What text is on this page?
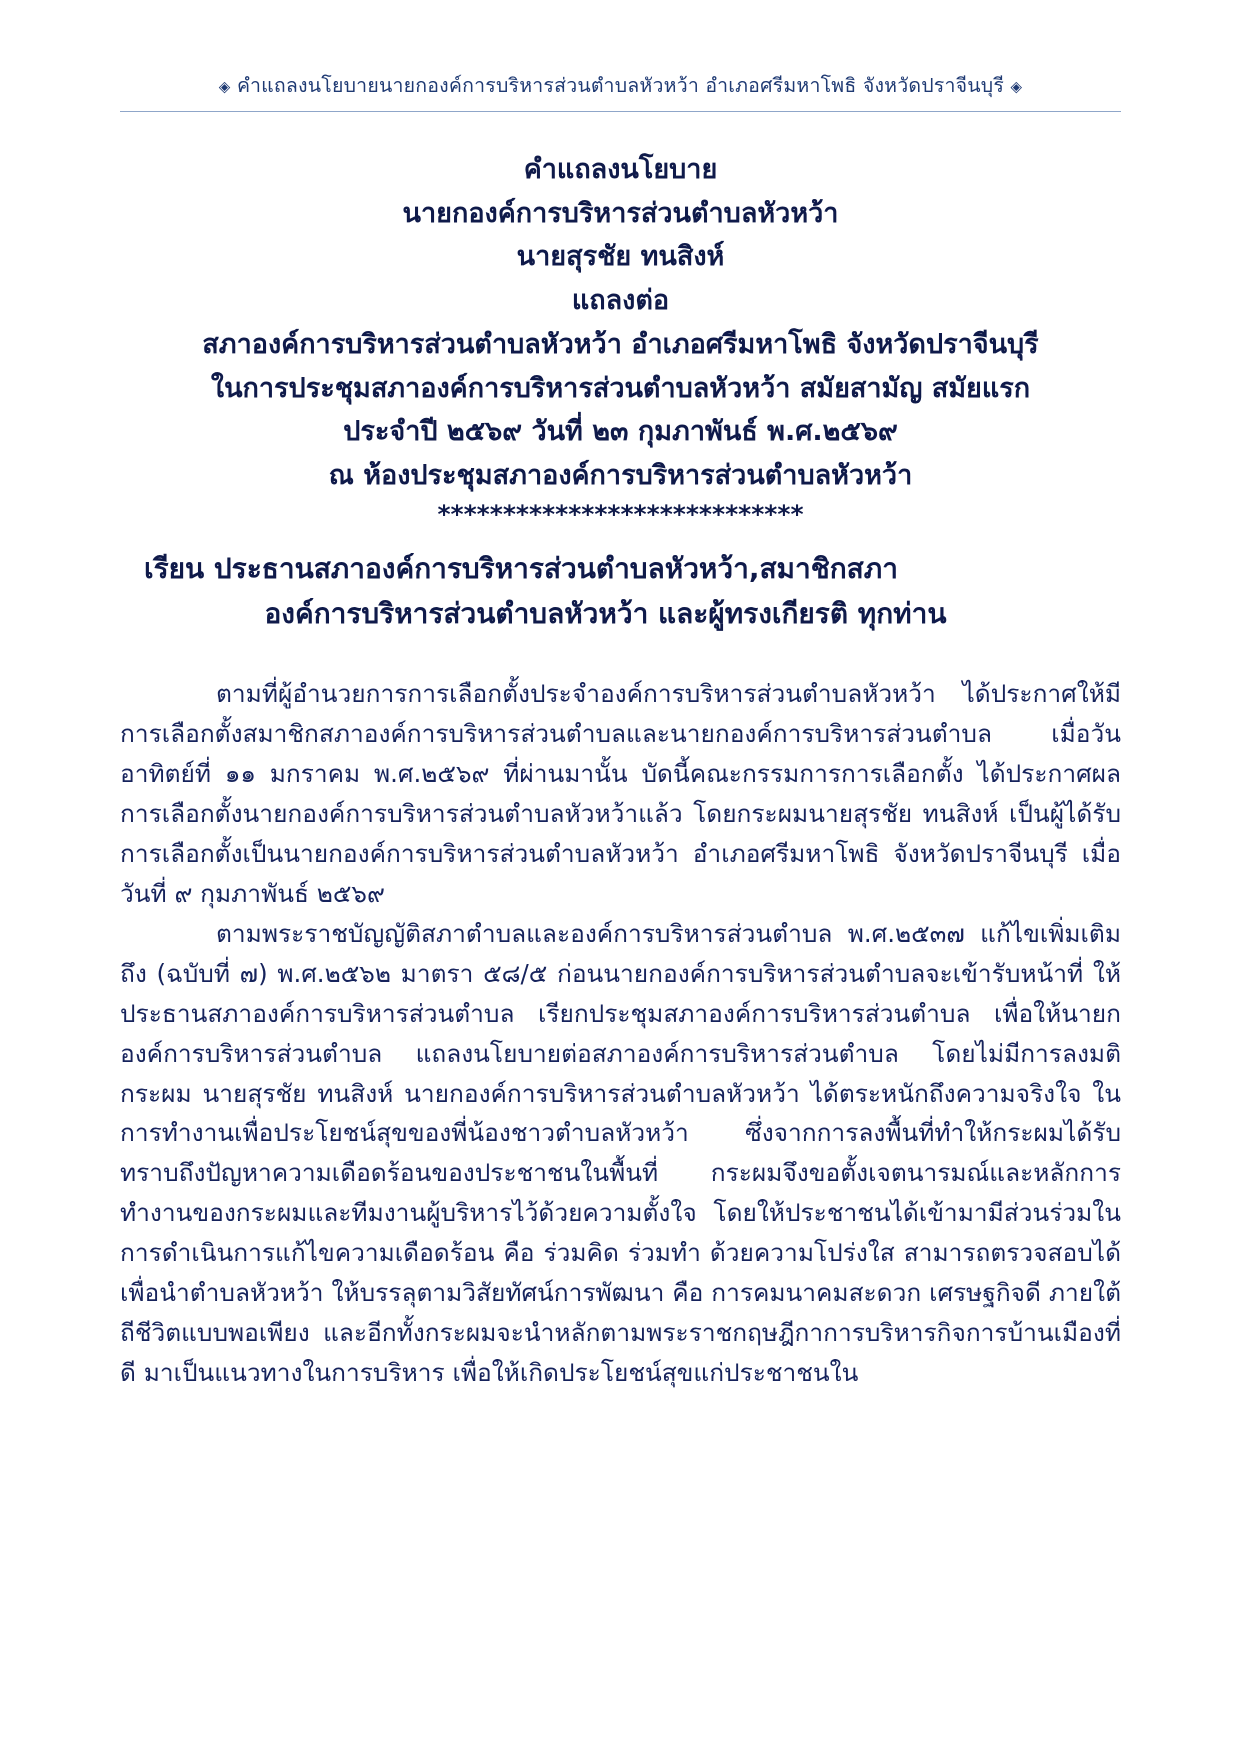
◈ คำแถลงนโยบายนายกองค์การบริหารส่วนตำบลหัวหว้า อำเภอศรีมหาโพธิ จังหวัดปราจีนบุรี ◈
คำแถลงนโยบาย
นายกองค์การบริหารส่วนตำบลหัวหว้า
นายสุรชัย ทนสิงห์
แถลงต่อ
สภาองค์การบริหารส่วนตำบลหัวหว้า อำเภอศรีมหาโพธิ จังหวัดปราจีนบุรี
ในการประชุมสภาองค์การบริหารส่วนตำบลหัวหว้า สมัยสามัญ สมัยแรก
ประจำปี ๒๕๖๙ วันที่ ๒๓ กุมภาพันธ์ พ.ศ.๒๕๖๙
ณ ห้องประชุมสภาองค์การบริหารส่วนตำบลหัวหว้า
****************************
เรียน ประธานสภาองค์การบริหารส่วนตำบลหัวหว้า,สมาชิกสภา
องค์การบริหารส่วนตำบลหัวหว้า และผู้ทรงเกียรติ ทุกท่าน

ตามที่ผู้อำนวยการการเลือกตั้งประจำองค์การบริหารส่วนตำบลหัวหว้า ได้ประกาศให้มีการเลือกตั้งสมาชิกสภาองค์การบริหารส่วนตำบลและนายกองค์การบริหารส่วนตำบล เมื่อวันอาทิตย์ที่ ๑๑ มกราคม พ.ศ.๒๕๖๙ ที่ผ่านมานั้น บัดนี้คณะกรรมการการเลือกตั้ง ได้ประกาศผลการเลือกตั้งนายกองค์การบริหารส่วนตำบลหัวหว้าแล้ว โดยกระผมนายสุรชัย ทนสิงห์ เป็นผู้ได้รับการเลือกตั้งเป็นนายกองค์การบริหารส่วนตำบลหัวหว้า อำเภอศรีมหาโพธิ จังหวัดปราจีนบุรี เมื่อวันที่ ๙ กุมภาพันธ์ ๒๕๖๙

ตามพระราชบัญญัติสภาตำบลและองค์การบริหารส่วนตำบล พ.ศ.๒๕๓๗ แก้ไขเพิ่มเติมถึง (ฉบับที่ ๗) พ.ศ.๒๕๖๒ มาตรา ๕๘/๕ ก่อนนายกองค์การบริหารส่วนตำบลจะเข้ารับหน้าที่ ให้ประธานสภาองค์การบริหารส่วนตำบล เรียกประชุมสภาองค์การบริหารส่วนตำบล เพื่อให้นายกองค์การบริหารส่วนตำบล แถลงนโยบายต่อสภาองค์การบริหารส่วนตำบล โดยไม่มีการลงมติ กระผม นายสุรชัย ทนสิงห์ นายกองค์การบริหารส่วนตำบลหัวหว้า ได้ตระหนักถึงความจริงใจ ในการทำงานเพื่อประโยชน์สุขของพี่น้องชาวตำบลหัวหว้า ซึ่งจากการลงพื้นที่ทำให้กระผมได้รับทราบถึงปัญหาความเดือดร้อนของประชาชนในพื้นที่ กระผมจึงขอตั้งเจตนารมณ์และหลักการทำงานของกระผมและทีมงานผู้บริหารไว้ด้วยความตั้งใจ โดยให้ประชาชนได้เข้ามามีส่วนร่วมในการดำเนินการแก้ไขความเดือดร้อน คือ ร่วมคิด ร่วมทำ ด้วยความโปร่งใส สามารถตรวจสอบได้ เพื่อนำตำบลหัวหว้า ให้บรรลุตามวิสัยทัศน์การพัฒนา คือ การคมนาคมสะดวก เศรษฐกิจดี ภายใต้ถีชีวิตแบบพอเพียง และอีกทั้งกระผมจะนำหลักตามพระราชกฤษฎีกาการบริหารกิจการบ้านเมืองที่ดี มาเป็นแนวทางในการบริหาร เพื่อให้เกิดประโยชน์สุขแก่ประชาชนใน
